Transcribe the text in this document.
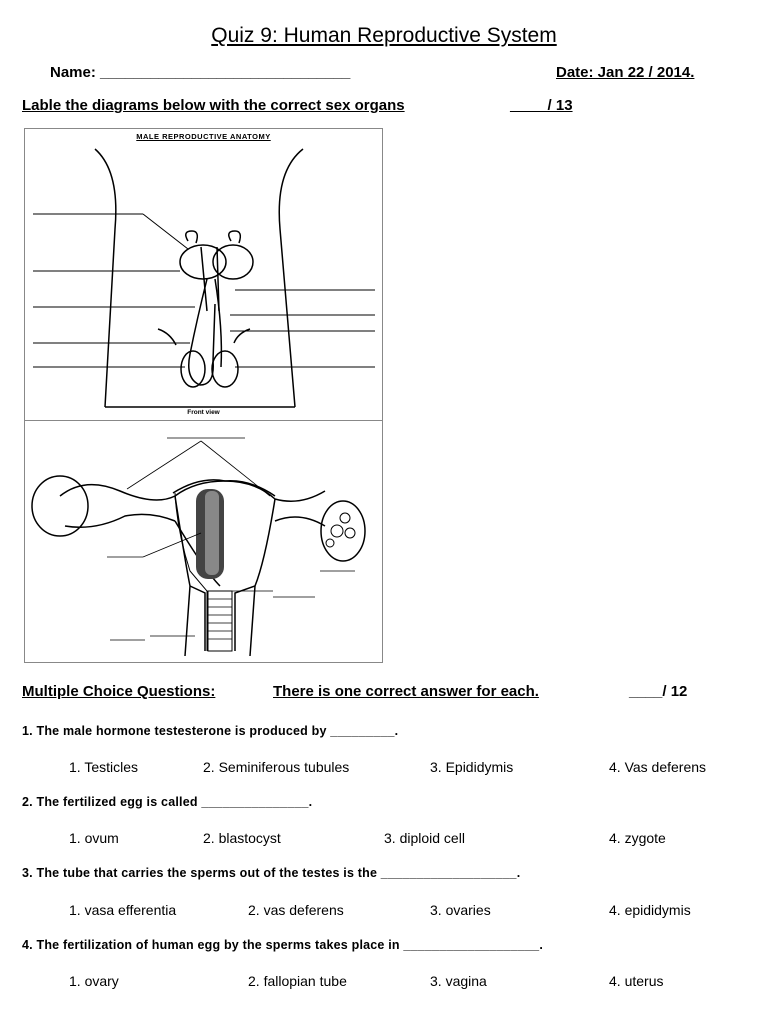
Quiz 9: Human Reproductive System
Name: ______________________________	Date: Jan 22 / 2014.
Lable the diagrams below with the correct sex organs	__     / 13
MALE REPRODUCTIVE ANATOMY
Front view
Multiple Choice Questions:	There is one correct answer for each.	____/ 12
1. The male hormone testesterone is produced by _________.
1. Testicles	2. Seminiferous tubules	3. Epididymis	4. Vas deferens
2. The fertilized egg is called _______________.
1. ovum	2. blastocyst	3. diploid cell	4. zygote
3. The tube that carries the sperms out of the testes is the ___________________.
1. vasa efferentia	2. vas deferens	3. ovaries	4. epididymis
4. The fertilization of human egg by the sperms takes place in ___________________.
1. ovary	2. fallopian tube	3. vagina	4. uterus
